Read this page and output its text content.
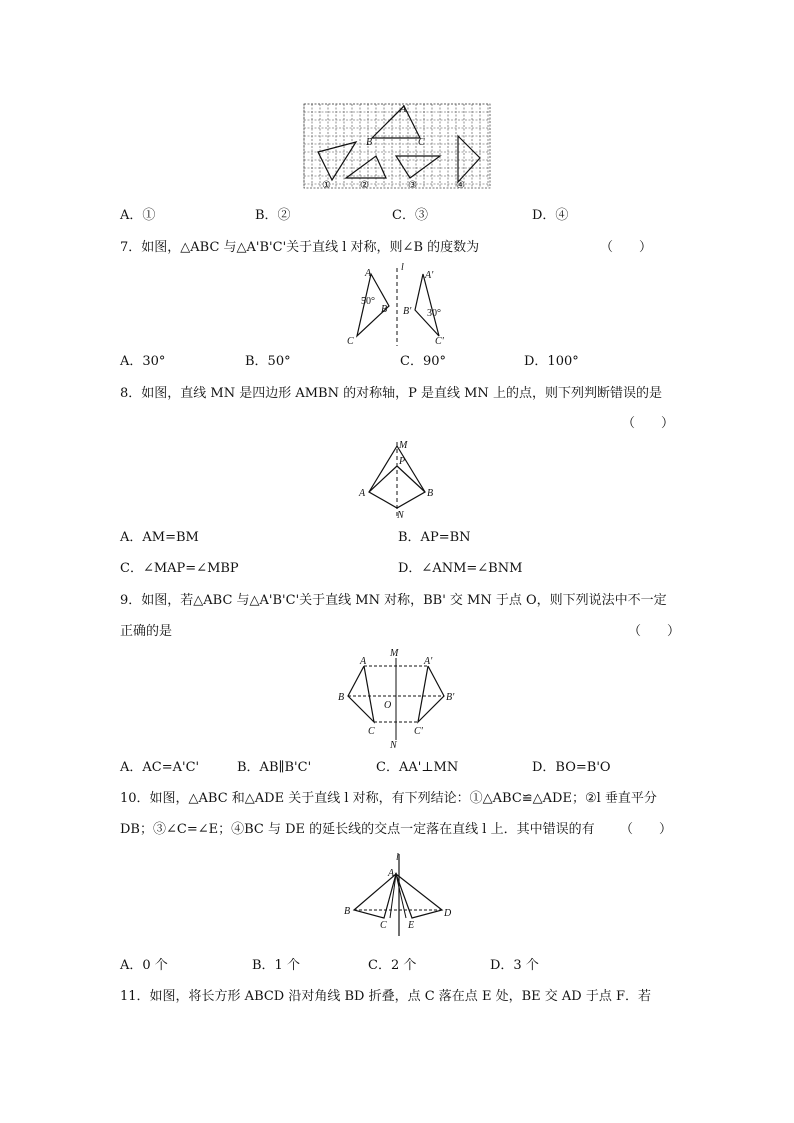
A
B	C
①	②	③	④
A．①	B．②	C．③	D．④
7．如图，△ABC 与△A'B'C'关于直线 l 对称，则∠B 的度数为	（　　）
l
A
B
C
50°
A'
B'
C'
30°
A．30°	B．50°	C．90°	D．100°
8．如图，直线 MN 是四边形 AMBN 的对称轴，P 是直线 MN 上的点，则下列判断错误的是
（　　）
M
P
A	B
N
A．AM=BM	B．AP=BN
C．∠MAP=∠MBP	D．∠ANM=∠BNM
9．如图，若△ABC 与△A'B'C'关于直线 MN 对称，BB' 交 MN 于点 O，则下列说法中不一定
正确的是	（　　）
M
N
O
A
B
C
A'
B'
C'
A．AC=A'C'	B．AB∥B'C'	C．AA'⊥MN	D．BO=B'O
10．如图，△ABC 和△ADE 关于直线 l 对称，有下列结论：①△ABC≌△ADE；②l 垂直平分
DB；③∠C=∠E；④BC 与 DE 的延长线的交点一定落在直线 l 上．其中错误的有 （　　）
l
A
B
C E
D
A．0 个	B．1 个	C．2 个	D．3 个
11．如图，将长方形 ABCD 沿对角线 BD 折叠，点 C 落在点 E 处，BE 交 AD 于点 F．若
